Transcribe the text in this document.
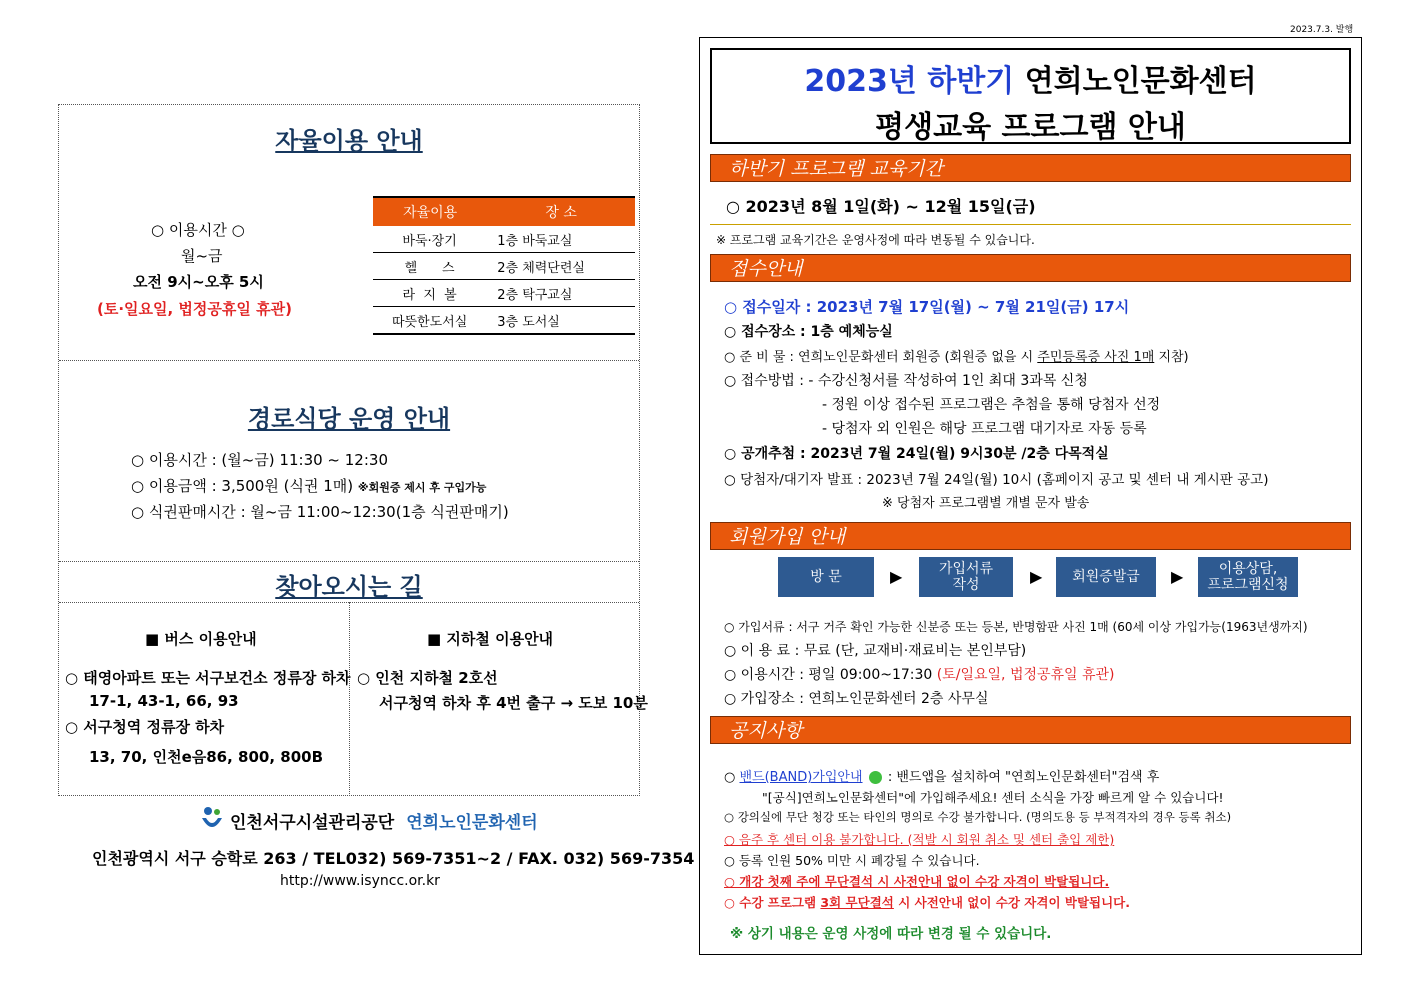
2023.7.3. 발행
자율이용 안내
○ 이용시간 ○
월~금
오전 9시~오후 5시
(토·일요일, 법정공휴일 휴관)
자율이용	장 소
바둑·장기	1층 바둑교실
헬      스	2층 체력단련실
라  지  볼	2층 탁구교실
따뜻한도서실	3층 도서실
경로식당 운영 안내
○ 이용시간 : (월~금) 11:30 ~ 12:30
○ 이용금액 : 3,500원 (식권 1매) ※회원증 제시 후 구입가능
○ 식권판매시간 : 월~금 11:00~12:30(1층 식권판매기)
찾아오시는 길
■ 버스 이용안내
○ 태영아파트 또는 서구보건소 정류장 하차
17-1, 43-1, 66, 93
○ 서구청역 정류장 하차
13, 70, 인천e음86, 800, 800B
■ 지하철 이용안내
○ 인천 지하철 2호선
서구청역 하차 후 4번 출구 → 도보 10분
인천서구시설관리공단 연희노인문화센터
인천광역시 서구 승학로 263 / TEL032) 569-7351~2 / FAX. 032) 569-7354
http://www.isyncc.or.kr
2023년 하반기 연희노인문화센터
평생교육 프로그램 안내
하반기 프로그램 교육기간
○ 2023년 8월 1일(화) ~ 12월 15일(금)
※ 프로그램 교육기간은 운영사정에 따라 변동될 수 있습니다.
접수안내
○ 접수일자 : 2023년 7월 17일(월) ~ 7월 21일(금) 17시
○ 접수장소 : 1층 예체능실
○ 준 비 물 : 연희노인문화센터 회원증 (회원증 없을 시 주민등록증 사진 1매 지참)
○ 접수방법 : - 수강신청서를 작성하여 1인 최대 3과목 신청
- 정원 이상 접수된 프로그램은 추첨을 통해 당첨자 선정
- 당첨자 외 인원은 해당 프로그램 대기자로 자동 등록
○ 공개추첨 : 2023년 7월 24일(월) 9시30분 /2층 다목적실
○ 당첨자/대기자 발표 : 2023년 7월 24일(월) 10시 (홈페이지 공고 및 센터 내 게시판 공고)
※ 당첨자 프로그램별 개별 문자 발송
회원가입 안내
방 문	▶	가입서류
작성	▶	회원증발급	▶	이용상담,
프로그램신청
○ 가입서류 : 서구 거주 확인 가능한 신분증 또는 등본, 반명함판 사진 1매 (60세 이상 가입가능(1963년생까지)
○ 이 용 료 : 무료 (단, 교재비·재료비는 본인부담)
○ 이용시간 : 평일 09:00~17:30 (토/일요일, 법정공휴일 휴관)
○ 가입장소 : 연희노인문화센터 2층 사무실
공지사항
○ 밴드(BAND)가입안내 : 밴드앱을 설치하여 "연희노인문화센터"검색 후
"[공식]연희노인문화센터"에 가입해주세요! 센터 소식을 가장 빠르게 알 수 있습니다!
○ 강의실에 무단 청강 또는 타인의 명의로 수강 불가합니다. (명의도용 등 부적격자의 경우 등록 취소)
○ 음주 후 센터 이용 불가합니다. (적발 시 회원 취소 및 센터 출입 제한)
○ 등록 인원 50% 미만 시 폐강될 수 있습니다.
○ 개강 첫째 주에 무단결석 시 사전안내 없이 수강 자격이 박탈됩니다.
○ 수강 프로그램 3회 무단결석 시 사전안내 없이 수강 자격이 박탈됩니다.
※ 상기 내용은 운영 사정에 따라 변경 될 수 있습니다.
